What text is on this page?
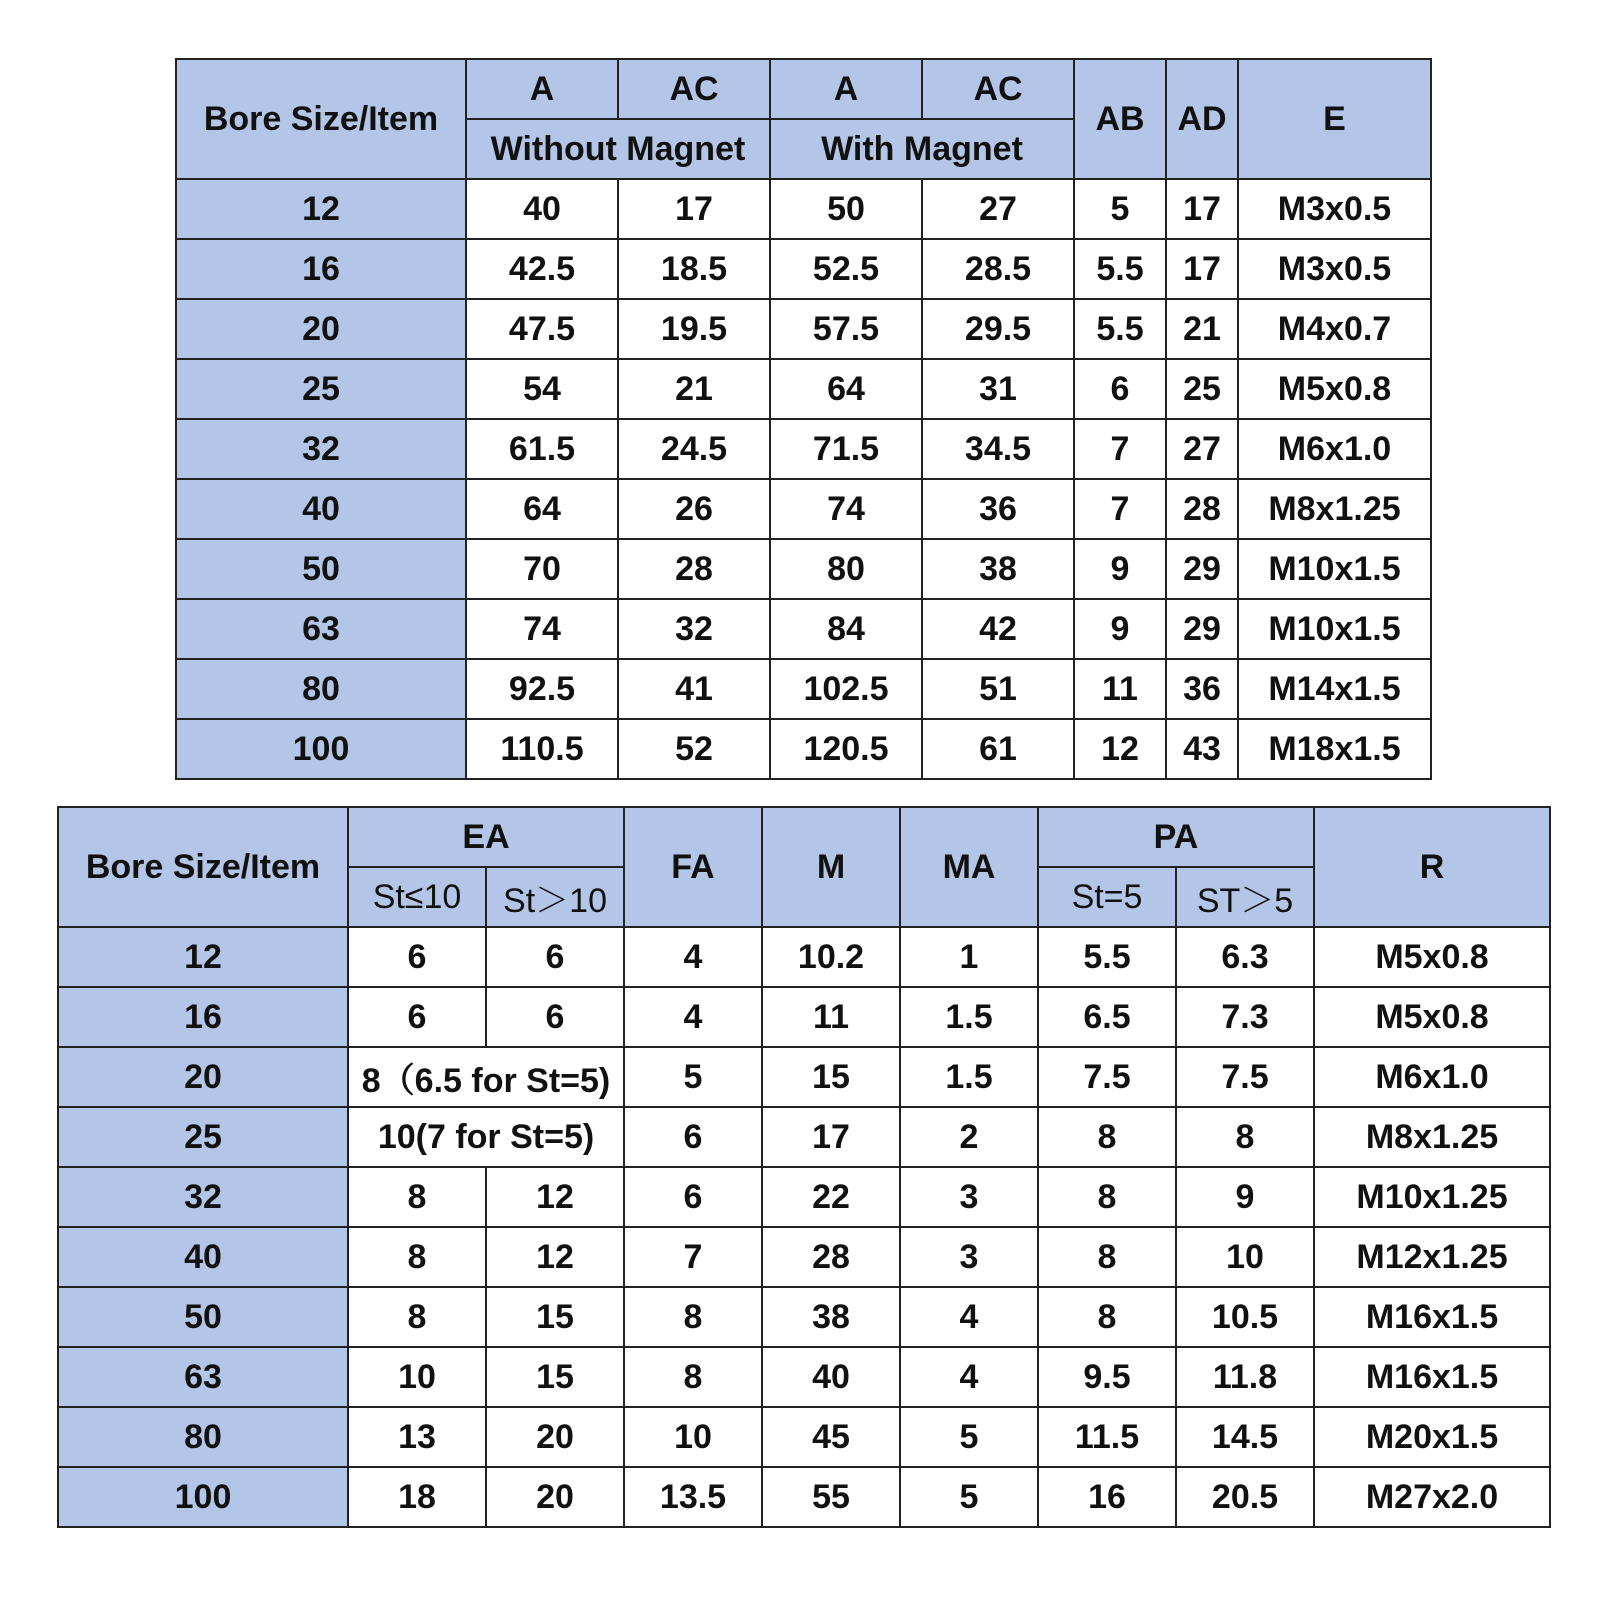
Bore Size/Item	A	AC	A	AC	AB	AD	E
	Without Magnet		With Magnet				
12	40	17	50	27	5	17	M3x0.5
16	42.5	18.5	52.5	28.5	5.5	17	M3x0.5
20	47.5	19.5	57.5	29.5	5.5	21	M4x0.7
25	54	21	64	31	6	25	M5x0.8
32	61.5	24.5	71.5	34.5	7	27	M6x1.0
40	64	26	74	36	7	28	M8x1.25
50	70	28	80	38	9	29	M10x1.5
63	74	32	84	42	9	29	M10x1.5
80	92.5	41	102.5	51	11	36	M14x1.5
100	110.5	52	120.5	61	12	43	M18x1.5
Bore Size/Item	EA		FA	M	MA	PA		R
	St≤10	St＞10				St=5	ST＞5	
12	6	6	4	10.2	1	5.5	6.3	M5x0.8
16	6	6	4	11	1.5	6.5	7.3	M5x0.8
20	8（6.5 for St=5)		5	15	1.5	7.5	7.5	M6x1.0
25	10(7 for St=5)		6	17	2	8	8	M8x1.25
32	8	12	6	22	3	8	9	M10x1.25
40	8	12	7	28	3	8	10	M12x1.25
50	8	15	8	38	4	8	10.5	M16x1.5
63	10	15	8	40	4	9.5	11.8	M16x1.5
80	13	20	10	45	5	11.5	14.5	M20x1.5
100	18	20	13.5	55	5	16	20.5	M27x2.0
